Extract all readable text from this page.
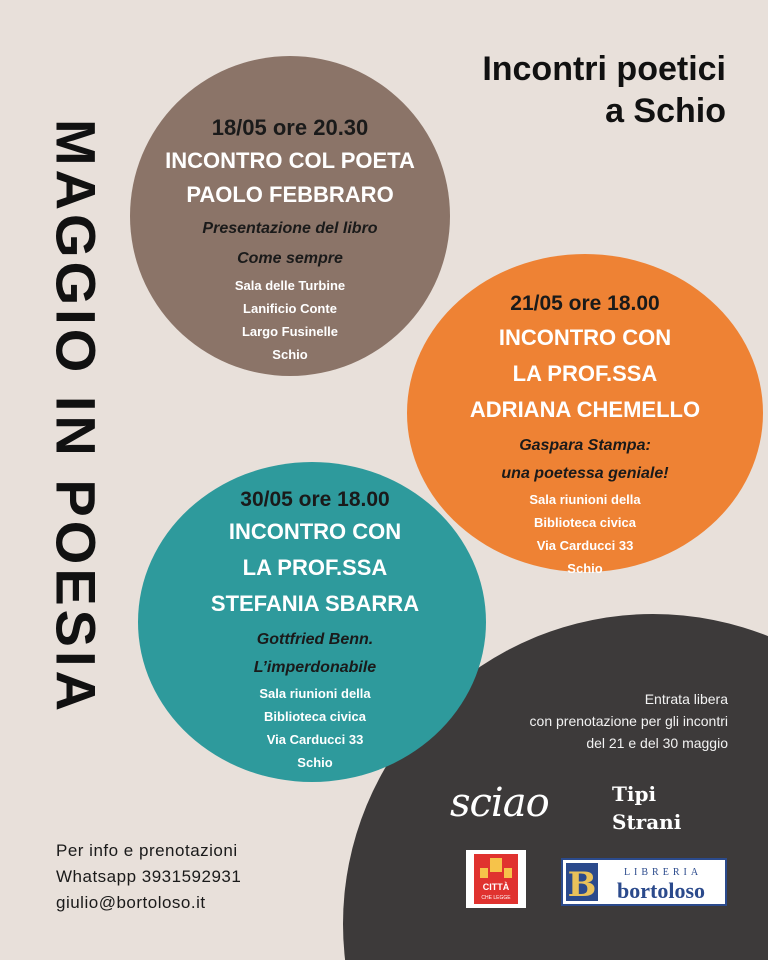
MAGGIO IN POESIA
Incontri poetici
a Schio
18/05 ore 20.30
INCONTRO COL POETA
PAOLO FEBBRARO
Presentazione del libro
Come sempre
Sala delle Turbine
Lanificio Conte
Largo Fusinelle
Schio
21/05 ore 18.00
INCONTRO CON
LA PROF.SSA
ADRIANA CHEMELLO
Gaspara Stampa:
una poetessa geniale!
Sala riunioni della
Biblioteca civica
Via Carducci 33
Schio
30/05 ore 18.00
INCONTRO CON
LA PROF.SSA
STEFANIA SBARRA
Gottfried Benn.
L’imperdonabile
Sala riunioni della
Biblioteca civica
Via Carducci 33
Schio
Entrata libera
con prenotazione per gli incontri
del 21 e del 30 maggio
Per info e prenotazioni
Whatsapp 3931592931
giulio@bortoloso.it
sciao	Tipi
Strani
CITTÀ
CHE LEGGE B	LIBRERIA
bortoloso
